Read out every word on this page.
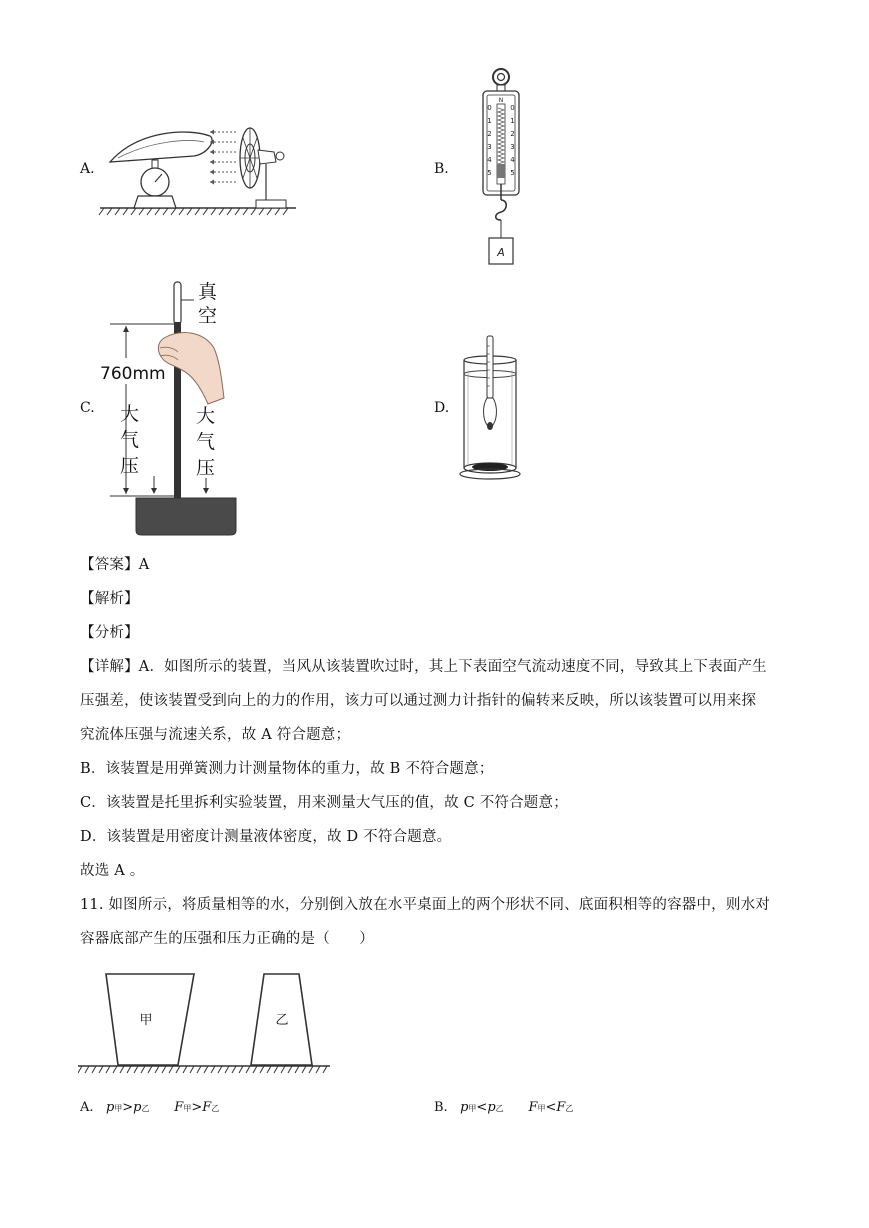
A.	B.
C.	D.
N
0
1
2
3
4
5
0
1
2
3
4
5
A
真
空
760mm
大
气
压
大
气
压
【答案】A
【解析】
【分析】
【详解】A．如图所示的装置，当风从该装置吹过时，其上下表面空气流动速度不同，导致其上下表面产生
压强差，使该装置受到向上的力的作用，该力可以通过测力计指针的偏转来反映，所以该装置可以用来探
究流体压强与流速关系，故 A 符合题意；
B．该装置是用弹簧测力计测量物体的重力，故 B 不符合题意；
C．该装置是托里拆利实验装置，用来测量大气压的值，故 C 不符合题意；
D．该装置是用密度计测量液体密度，故 D 不符合题意。
故选 A 。
11. 如图所示，将质量相等的水，分别倒入放在水平桌面上的两个形状不同、底面积相等的容器中，则水对
容器底部产生的压强和压力正确的是（　　）
甲	乙
A. p甲>p乙 F甲>F乙	B. p甲<p乙 F甲<F乙
